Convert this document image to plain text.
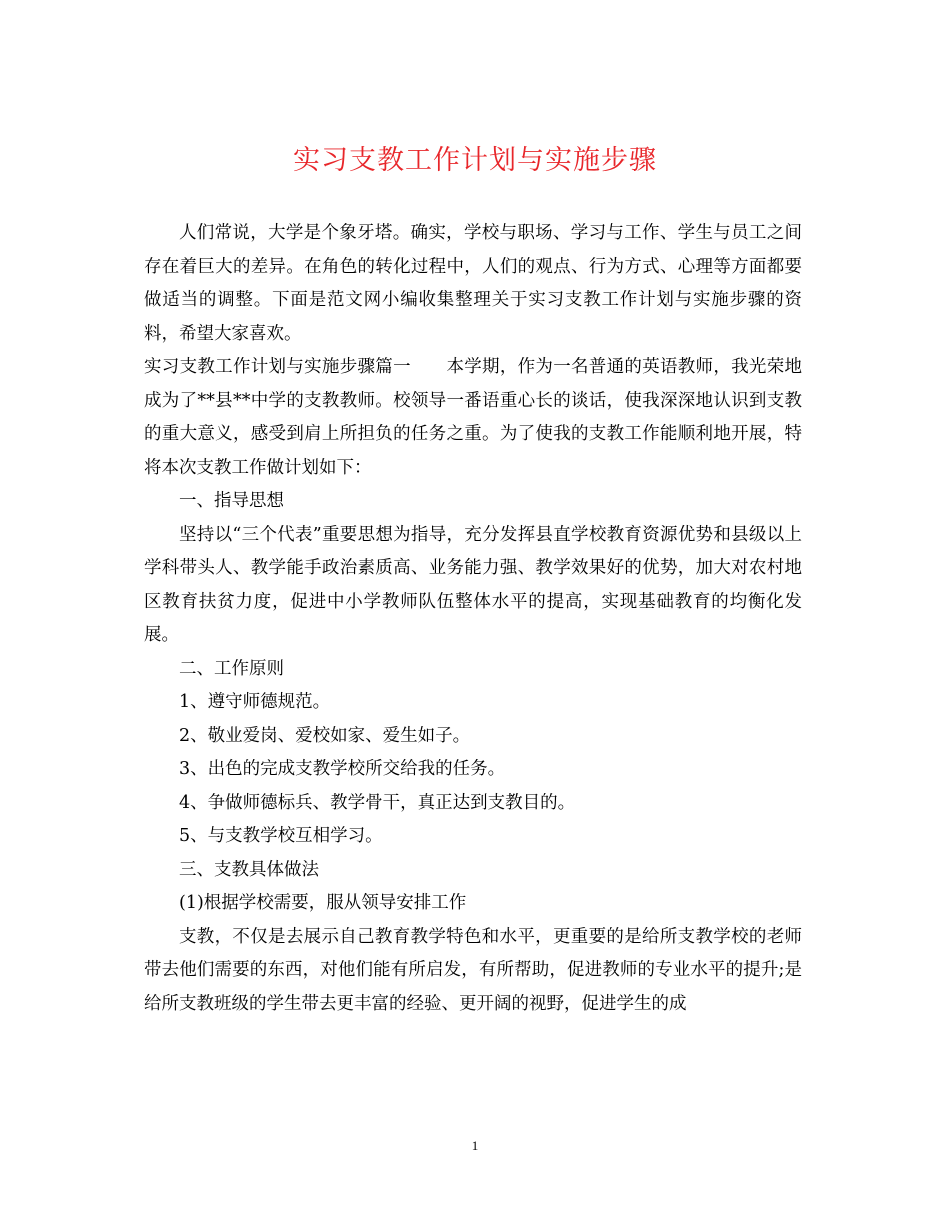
实习支教工作计划与实施步骤

人们常说，大学是个象牙塔。确实，学校与职场、学习与工作、学生与员工之间存在着巨大的差异。在角色的转化过程中，人们的观点、行为方式、心理等方面都要做适当的调整。下面是范文网小编收集整理关于实习支教工作计划与实施步骤的资料，希望大家喜欢。

实习支教工作计划与实施步骤篇一　　本学期，作为一名普通的英语教师，我光荣地成为了**县**中学的支教教师。校领导一番语重心长的谈话，使我深深地认识到支教的重大意义，感受到肩上所担负的任务之重。为了使我的支教工作能顺利地开展，特将本次支教工作做计划如下：

一、指导思想

坚持以“三个代表”重要思想为指导，充分发挥县直学校教育资源优势和县级以上学科带头人、教学能手政治素质高、业务能力强、教学效果好的优势，加大对农村地区教育扶贫力度，促进中小学教师队伍整体水平的提高，实现基础教育的均衡化发展。

二、工作原则

1、遵守师德规范。

2、敬业爱岗、爱校如家、爱生如子。

3、出色的完成支教学校所交给我的任务。

4、争做师德标兵、教学骨干，真正达到支教目的。

5、与支教学校互相学习。

三、支教具体做法

(1)根据学校需要，服从领导安排工作

支教，不仅是去展示自己教育教学特色和水平，更重要的是给所支教学校的老师带去他们需要的东西，对他们能有所启发，有所帮助，促进教师的专业水平的提升;是给所支教班级的学生带去更丰富的经验、更开阔的视野，促进学生的成

1
